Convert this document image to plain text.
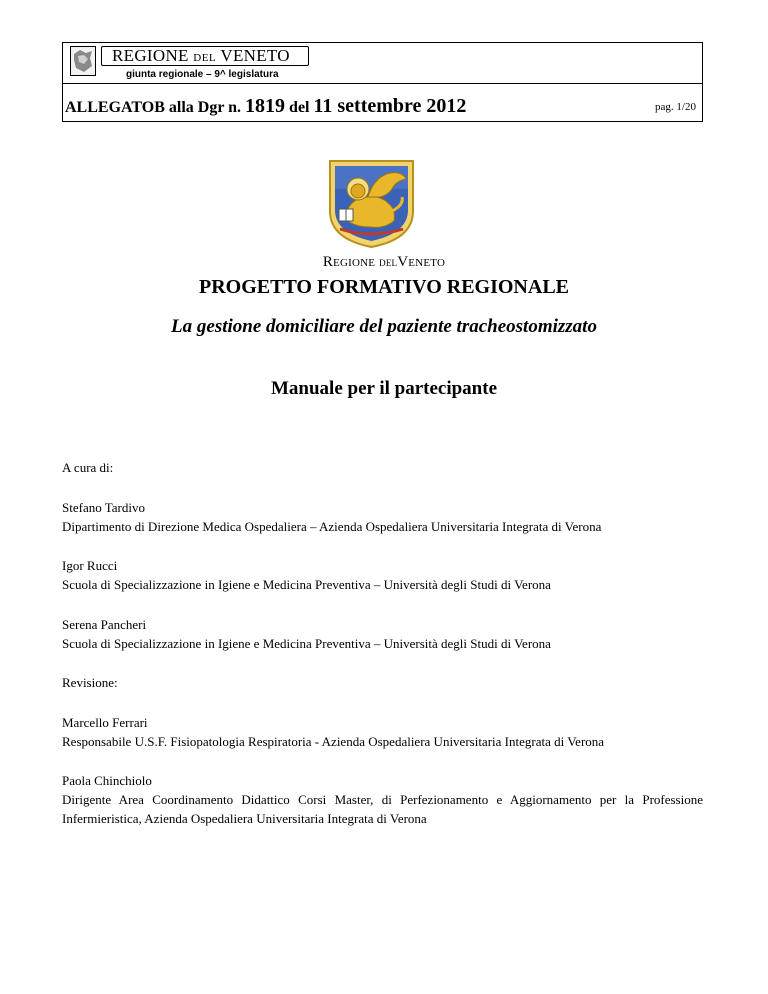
REGIONE DEL VENETO
giunta regionale – 9^ legislatura
ALLEGATOB alla Dgr n. 1819 del 11 settembre 2012	pag. 1/20
REGIONE DELVENETO
PROGETTO FORMATIVO REGIONALE
La gestione domiciliare del paziente tracheostomizzato
Manuale per il partecipante
A cura di:
Stefano Tardivo
Dipartimento di Direzione Medica Ospedaliera – Azienda Ospedaliera Universitaria Integrata di Verona
Igor Rucci
Scuola di Specializzazione in Igiene e Medicina Preventiva – Università degli Studi di Verona
Serena Pancheri
Scuola di Specializzazione in Igiene e Medicina Preventiva – Università degli Studi di Verona
Revisione:
Marcello Ferrari
Responsabile U.S.F. Fisiopatologia Respiratoria - Azienda Ospedaliera Universitaria Integrata di Verona
Paola Chinchiolo
Dirigente Area Coordinamento Didattico Corsi Master, di Perfezionamento e Aggiornamento per la Professione Infermieristica, Azienda Ospedaliera Universitaria Integrata di Verona
